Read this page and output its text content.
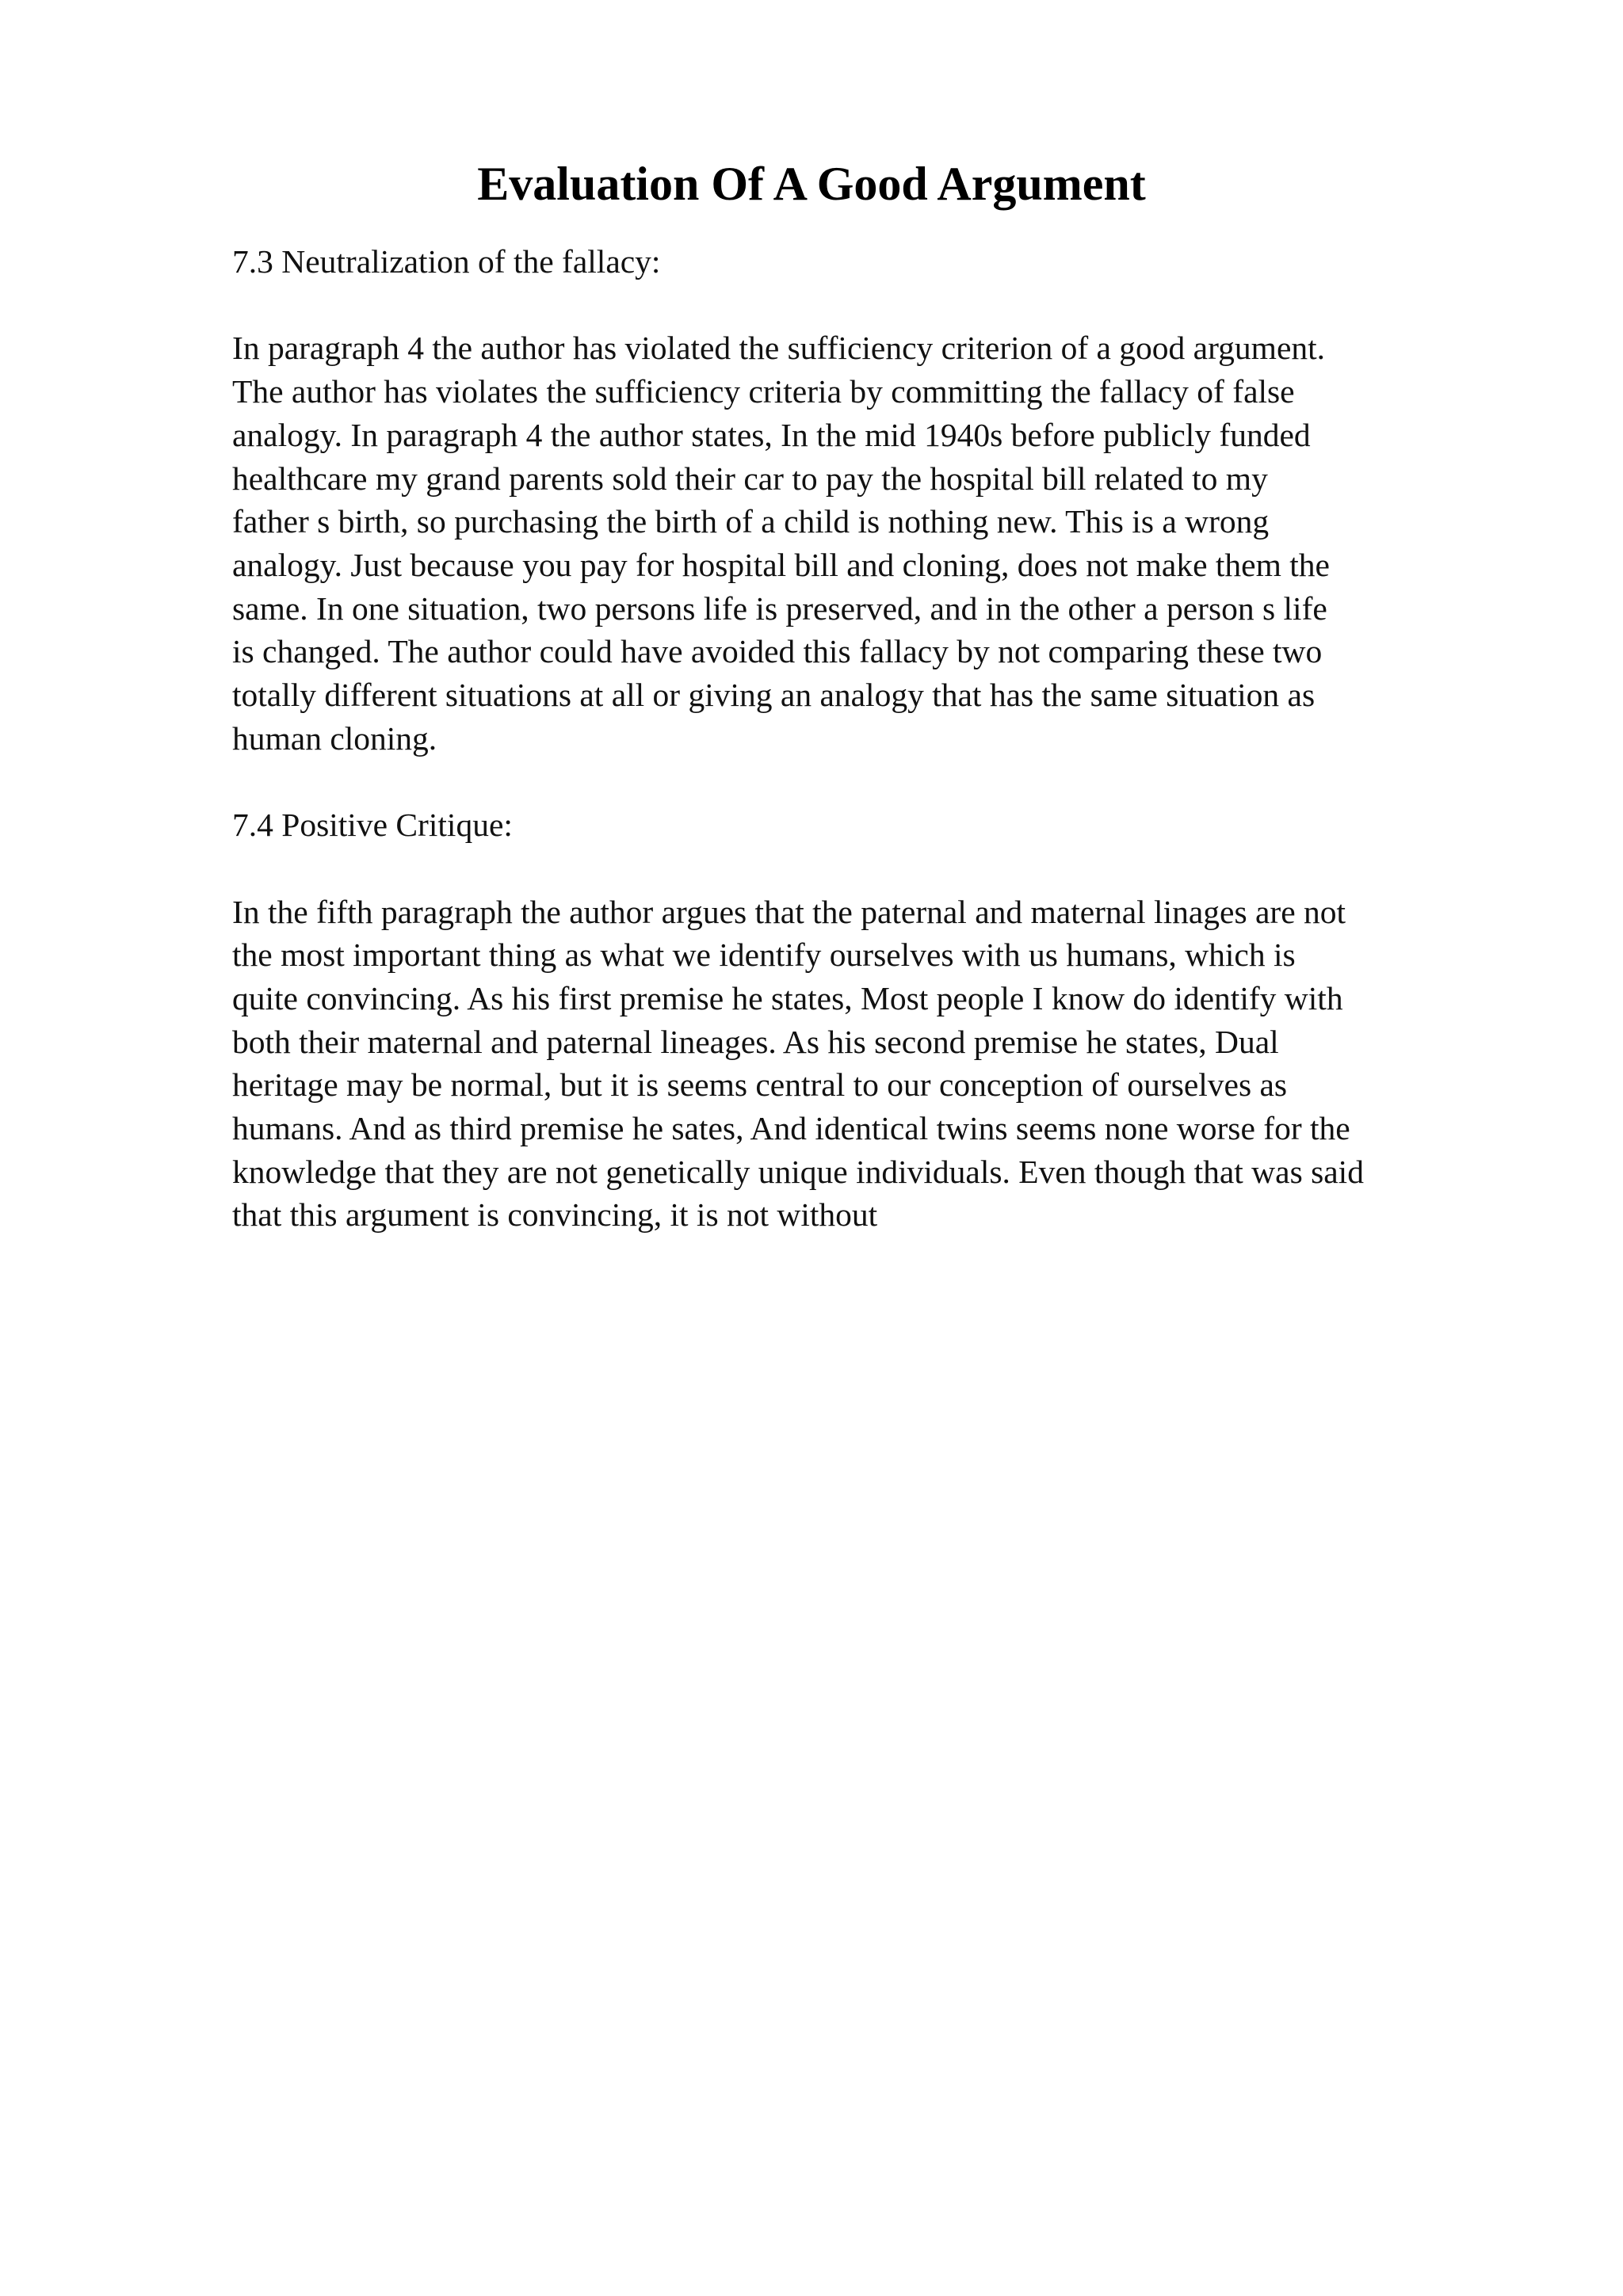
Evaluation Of A Good Argument

7.3 Neutralization of the fallacy:

In paragraph 4 the author has violated the sufficiency criterion of a good argument.

The author has violates the sufficiency criteria by committing the fallacy of false

analogy. In paragraph 4 the author states, In the mid 1940s before publicly funded

healthcare my grand parents sold their car to pay the hospital bill related to my

father s birth, so purchasing the birth of a child is nothing new. This is a wrong

analogy. Just because you pay for hospital bill and cloning, does not make them the

same. In one situation, two persons life is preserved, and in the other a person s life

is changed. The author could have avoided this fallacy by not comparing these two

totally different situations at all or giving an analogy that has the same situation as

human cloning.

7.4 Positive Critique:

In the fifth paragraph the author argues that the paternal and maternal linages are not

the most important thing as what we identify ourselves with us humans, which is

quite convincing. As his first premise he states, Most people I know do identify with

both their maternal and paternal lineages. As his second premise he states, Dual

heritage may be normal, but it is seems central to our conception of ourselves as

humans. And as third premise he sates, And identical twins seems none worse for the

knowledge that they are not genetically unique individuals. Even though that was said

that this argument is convincing, it is not without
